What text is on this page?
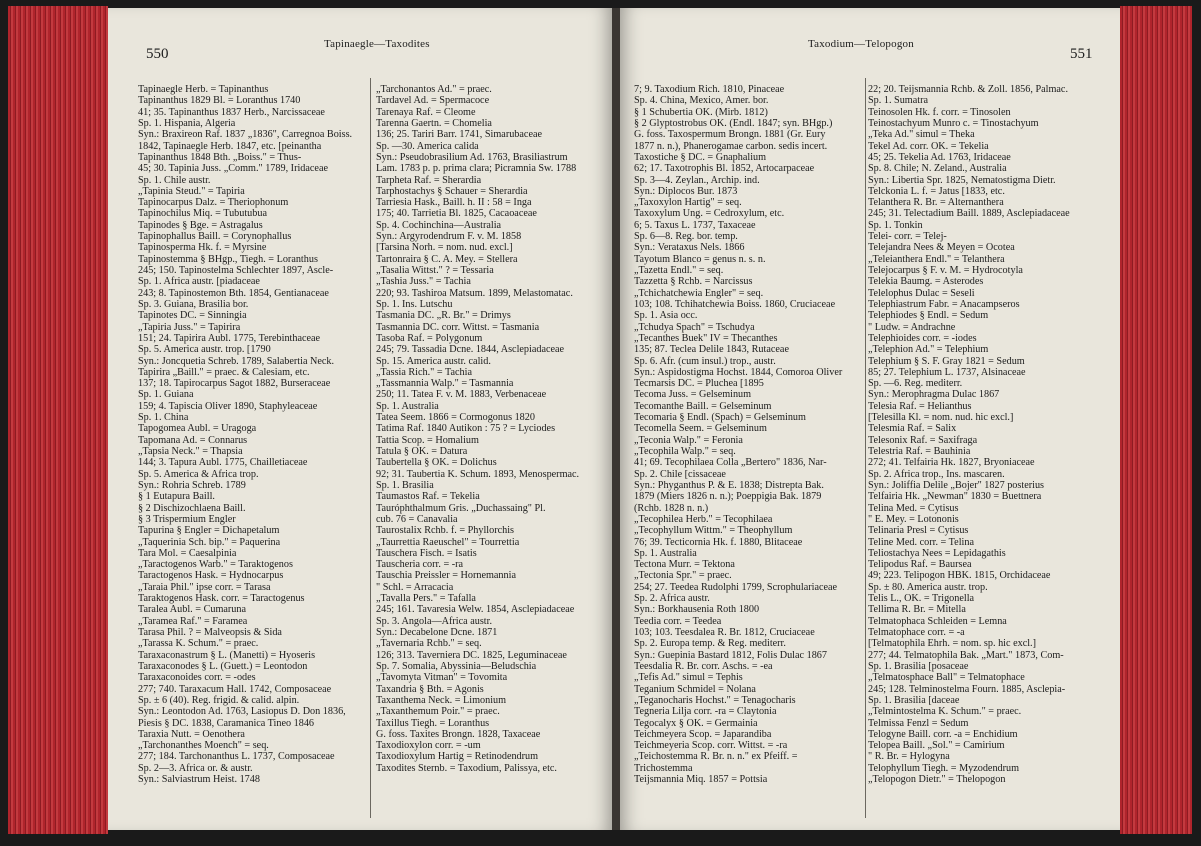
550
Tapinaegle—Taxodites
Tapinaegle Herb. = Tapinanthus
Tapinanthus 1829 Bl. = Loranthus 1740
41; 35. Tapinanthus 1837 Herb., Narcissaceae
Sp. 1. Hispania, Algeria
Syn.: Braxireon Raf. 1837 „1836", Carregnoa Boiss.
1842, Tapinaegle Herb. 1847, etc. [peinantha
Tapinanthus 1848 Bth. „Boiss." = Thus-
45; 30. Tapinia Juss. „Comm." 1789, Iridaceae
Sp. 1. Chile austr.
„Tapinia Steud." = Tapiria
Tapinocarpus Dalz. = Theriophonum
Tapinochilus Miq. = Tubutubua
Tapinodes § Bge. = Astragalus
Tapinophallus Baill. = Corynophallus
Tapinosperma Hk. f. = Myrsine
Tapinostemma § BHgp., Tiegh. = Loranthus
245; 150. Tapinostelma Schlechter 1897, Ascle-
Sp. 1. Africa austr. [piadaceae
243; 8. Tapinostemon Bth. 1854, Gentianaceae
Sp. 3. Guiana, Brasilia bor.
Tapinotes DC. = Sinningia
„Tapiria Juss." = Tapirira
151; 24. Tapirira Aubl. 1775, Terebinthaceae
Sp. 5. America austr. trop. [1790
Syn.: Joncquetia Schreb. 1789, Salabertia Neck.
Tapirira „Baill." = praec. & Calesiam, etc.
137; 18. Tapirocarpus Sagot 1882, Burseraceae
Sp. 1. Guiana
159; 4. Tapiscia Oliver 1890, Staphyleaceae
Sp. 1. China
Tapogomea Aubl. = Uragoga
Tapomana Ad. = Connarus
„Tapsia Neck." = Thapsia
144; 3. Tapura Aubl. 1775, Chailletiaceae
Sp. 5. America & Africa trop.
Syn.: Rohria Schreb. 1789
§ 1 Eutapura Baill.
§ 2 Dischizochlaena Baill.
§ 3 Trispermium Engler
Tapurina § Engler = Dichapetalum
„Taquerinia Sch. bip." = Paquerina
Tara Mol. = Caesalpinia
„Taractogenos Warb." = Taraktogenos
Taractogenos Hask. = Hydnocarpus
„Taraia Phil." ipse corr. = Tarasa
Taraktogenos Hask. corr. = Taractogenus
Taralea Aubl. = Cumaruna
„Taramea Raf." = Faramea
Tarasa Phil. ? = Malveopsis & Sida
„Tarassa K. Schum." = praec.
Taraxaconastrum § L. (Manetti) = Hyoseris
Taraxaconodes § L. (Guett.) = Leontodon
Taraxaconoides corr. = -odes
277; 740. Taraxacum Hall. 1742, Composaceae
Sp. ± 6 (40). Reg. frigid. & calid. alpin.
Syn.: Leontodon Ad. 1763, Lasiopus D. Don 1836,
Piesis § DC. 1838, Caramanica Tineo 1846
Taraxia Nutt. = Oenothera
„Tarchonanthes Moench" = seq.
277; 184. Tarchonanthus L. 1737, Composaceae
Sp. 2—3. Africa or. & austr.
Syn.: Salviastrum Heist. 1748
„Tarchonantos Ad." = praec.
Tardavel Ad. = Spermacoce
Tarenaya Raf. = Cleome
Tarenna Gaertn. = Chomelia
136; 25. Tariri Barr. 1741, Simarubaceae
Sp. —30. America calida
Syn.: Pseudobrasilium Ad. 1763, Brasiliastrum
Lam. 1783 p. p. prima clara; Picramnia Sw. 1788
Tarpheta Raf. = Sherardia
Tarphostachys § Schauer = Sherardia
Tarriesia Hask., Baill. h. II : 58 = Inga
175; 40. Tarrietia Bl. 1825, Cacaoaceae
Sp. 4. Cochinchina—Australia
Syn.: Argyrodendrum F. v. M. 1858
[Tarsina Norh. = nom. nud. excl.]
Tartonraira § C. A. Mey. = Stellera
„Tasalia Wittst." ? = Tessaria
„Tashia Juss." = Tachia
220; 93. Tashiroa Matsum. 1899, Melastomatac.
Sp. 1. Ins. Lutschu
Tasmania DC. „R. Br." = Drimys
Tasmannia DC. corr. Wittst. = Tasmania
Tasoba Raf. = Polygonum
245; 79. Tassadia Dcne. 1844, Asclepiadaceae
Sp. 15. America austr. calid.
„Tassia Rich." = Tachia
„Tassmannia Walp." = Tasmannia
250; 11. Tatea F. v. M. 1883, Verbenaceae
Sp. 1. Australia
Tatea Seem. 1866 = Cormogonus 1820
Tatima Raf. 1840 Autikon : 75 ? = Lyciodes
Tattia Scop. = Homalium
Tatula § OK. = Datura
Taubertella § OK. = Dolichus
92; 31. Taubertia K. Schum. 1893, Menospermac.
Sp. 1. Brasilia
Taumastos Raf. = Tekelia
Tauróphthalmum Gris. „Duchassaing" Pl.
cub. 76 = Canavalia
Taurostalix Rchb. f. = Phyllorchis
„Taurrettia Raeuschel" = Tourrettia
Tauschera Fisch. = Isatis
Tauscheria corr. = -ra
Tauschia Preissler = Hornemannia
" Schl. = Arracacia
„Tavalla Pers." = Tafalla
245; 161. Tavaresia Welw. 1854, Asclepiadaceae
Sp. 3. Angola—Africa austr.
Syn.: Decabelone Dcne. 1871
„Tavernaria Rchb." = seq.
126; 313. Taverniera DC. 1825, Leguminaceae
Sp. 7. Somalia, Abyssinia—Beludschia
„Tavomyta Vitman" = Tovomita
Taxandria § Bth. = Agonis
Taxanthema Neck. = Limonium
„Taxanthemum Poir." = praec.
Taxillus Tiegh. = Loranthus
G. foss. Taxites Brongn. 1828, Taxaceae
Taxodioxylon corr. = -um
Taxodioxylum Hartig = Retinodendrum
Taxodites Sternb. = Taxodium, Palissya, etc.
Taxodium—Telopogon
551
7; 9. Taxodium Rich. 1810, Pinaceae
Sp. 4. China, Mexico, Amer. bor.
§ 1 Schubertia OK. (Mirb. 1812)
§ 2 Glyptostrobus OK. (Endl. 1847; syn. BHgp.)
G. foss. Taxospermum Brongn. 1881 (Gr. Eury
1877 n. n.), Phanerogamae carbon. sedis incert.
Taxostiche § DC. = Gnaphalium
62; 17. Taxotrophis Bl. 1852, Artocarpaceae
Sp. 3—4. Zeylan., Archip. ind.
Syn.: Diplocos Bur. 1873
„Taxoxylon Hartig" = seq.
Taxoxylum Ung. = Cedroxylum, etc.
6; 5. Taxus L. 1737, Taxaceae
Sp. 6—8. Reg. bor. temp.
Syn.: Verataxus Nels. 1866
Tayotum Blanco = genus n. s. n.
„Tazetta Endl." = seq.
Tazzetta § Rchb. = Narcissus
„Tchichatchewia Engler" = seq.
103; 108. Tchihatchewia Boiss. 1860, Cruciaceae
Sp. 1. Asia occ.
„Tchudya Spach" = Tschudya
„Tecanthes Buek" IV = Thecanthes
135; 87. Teclea Delile 1843, Rutaceae
Sp. 6. Afr. (cum insul.) trop., austr.
Syn.: Aspidostigma Hochst. 1844, Comoroa Oliver
Tecmarsis DC. = Pluchea [1895
Tecoma Juss. = Gelseminum
Tecomanthe Baill. = Gelseminum
Tecomaria § Endl. (Spach) = Gelseminum
Tecomella Seem. = Gelseminum
„Teconia Walp." = Feronia
„Tecophila Walp." = seq.
41; 69. Tecophilaea Colla „Bertero" 1836, Nar-
Sp. 2. Chile [cissaceae
Syn.: Phyganthus P. & E. 1838; Distrepta Bak.
1879 (Miers 1826 n. n.); Poeppigia Bak. 1879
(Rchb. 1828 n. n.)
„Tecophilea Herb." = Tecophilaea
„Tecophyllum Wittm." = Theophyllum
76; 39. Tecticornia Hk. f. 1880, Blitaceae
Sp. 1. Australia
Tectona Murr. = Tektona
„Tectonia Spr." = praec.
254; 27. Teedea Rudolphi 1799, Scrophulariaceae
Sp. 2. Africa austr.
Syn.: Borkhausenia Roth 1800
Teedia corr. = Teedea
103; 103. Teesdalea R. Br. 1812, Cruciaceae
Sp. 2. Europa temp. & Reg. mediterr.
Syn.: Guepinia Bastard 1812, Folis Dulac 1867
Teesdalia R. Br. corr. Aschs. = -ea
„Tefis Ad." simul = Tephis
Teganium Schmidel = Nolana
„Teganocharis Hochst." = Tenagocharis
Tegneria Lilja corr. -ra = Claytonia
Tegocalyx § OK. = Germainia
Teichmeyera Scop. = Japarandiba
Teichmeyeria Scop. corr. Wittst. = -ra
„Teichostemma R. Br. n. n." ex Pfeiff. =
Trichostemma
Teijsmannia Miq. 1857 = Pottsia
22; 20. Teijsmannia Rchb. & Zoll. 1856, Palmac.
Sp. 1. Sumatra
Teinosolen Hk. f. corr. = Tinosolen
Teinostachyum Munro c. = Tinostachyum
„Teka Ad." simul = Theka
Tekel Ad. corr. OK. = Tekelia
45; 25. Tekelia Ad. 1763, Iridaceae
Sp. 8. Chile; N. Zeland., Australia
Syn.: Libertia Spr. 1825, Nematostigma Dietr.
Telckonia L. f. = Jatus [1833, etc.
Telanthera R. Br. = Alternanthera
245; 31. Telectadium Baill. 1889, Asclepiadaceae
Sp. 1. Tonkin
Telei- corr. = Telej-
Telejandra Nees & Meyen = Ocotea
„Teleianthera Endl." = Telanthera
Telejocarpus § F. v. M. = Hydrocotyla
Telekia Baumg. = Asterodes
Telelophus Dulac = Seseli
Telephiastrum Fabr. = Anacampseros
Telephiodes § Endl. = Sedum
" Ludw. = Andrachne
Telephioides corr. = -iodes
„Telephion Ad." = Telephium
Telephium § S. F. Gray 1821 = Sedum
85; 27. Telephium L. 1737, Alsinaceae
Sp. —6. Reg. mediterr.
Syn.: Merophragma Dulac 1867
Telesia Raf. = Helianthus
[Telesilla Kl. = nom. nud. hic excl.]
Telesmia Raf. = Salix
Telesonix Raf. = Saxifraga
Telestria Raf. = Bauhinia
272; 41. Telfairia Hk. 1827, Bryoniaceae
Sp. 2. Africa trop., Ins. mascaren.
Syn.: Joliffia Delile „Bojer" 1827 posterius
Telfairia Hk. „Newman" 1830 = Buettnera
Telina Med. = Cytisus
" E. Mey. = Lotononis
Telinaria Presl = Cytisus
Teline Med. corr. = Telina
Teliostachya Nees = Lepidagathis
Telipodus Raf. = Baursea
49; 223. Telipogon HBK. 1815, Orchidaceae
Sp. ± 80. America austr. trop.
Telis L., OK. = Trigonella
Tellima R. Br. = Mitella
Telmatophaca Schleiden = Lemna
Telmatophace corr. = -a
[Telmatophila Ehrh. = nom. sp. hic excl.]
277; 44. Telmatophila Bak. „Mart." 1873, Com-
Sp. 1. Brasilia [posaceae
„Telmatosphace Ball" = Telmatophace
245; 128. Telminostelma Fourn. 1885, Asclepia-
Sp. 1. Brasilia [daceae
„Telmintostelma K. Schum." = praec.
Telmissa Fenzl = Sedum
Telogyne Baill. corr. -a = Enchidium
Telopea Baill. „Sol." = Camirium
" R. Br. = Hylogyna
Telophyllum Tiegh. = Myzodendrum
„Telopogon Dietr." = Thelopogon
